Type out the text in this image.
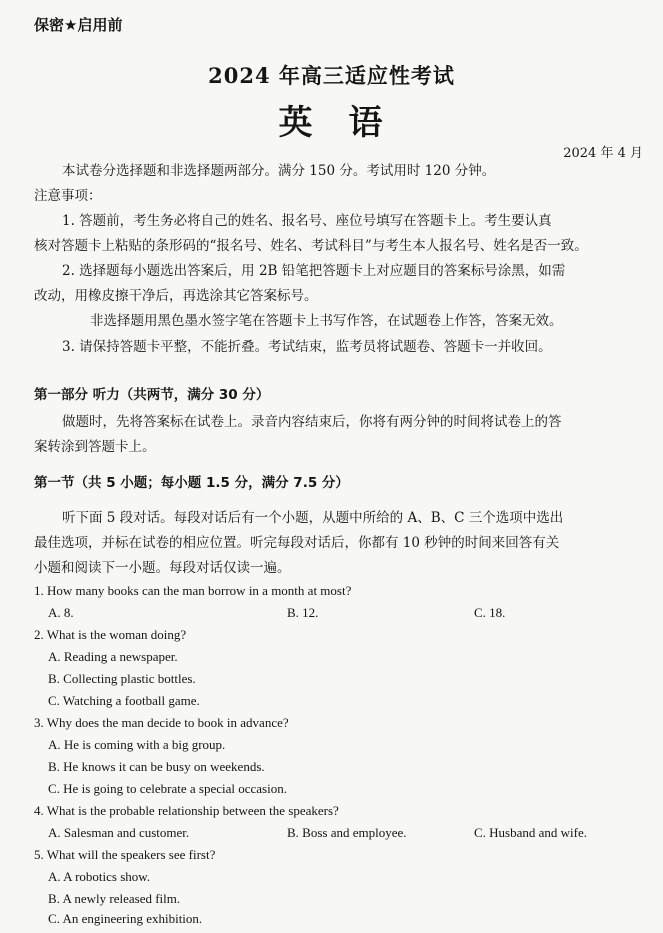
保密★启用前
2024 年高三适应性考试
英语
2024 年 4 月
本试卷分选择题和非选择题两部分。满分 150 分。考试用时 120 分钟。
注意事项：
1. 答题前，考生务必将自己的姓名、报名号、座位号填写在答题卡上。考生要认真
核对答题卡上粘贴的条形码的“报名号、姓名、考试科目”与考生本人报名号、姓名是否一致。
2. 选择题每小题选出答案后，用 2B 铅笔把答题卡上对应题目的答案标号涂黑，如需
改动，用橡皮擦干净后，再选涂其它答案标号。
非选择题用黑色墨水签字笔在答题卡上书写作答，在试题卷上作答，答案无效。
3. 请保持答题卡平整，不能折叠。考试结束，监考员将试题卷、答题卡一并收回。
第一部分 听力（共两节，满分 30 分）
做题时，先将答案标在试卷上。录音内容结束后，你将有两分钟的时间将试卷上的答
案转涂到答题卡上。
第一节（共 5 小题；每小题 1.5 分，满分 7.5 分）
听下面 5 段对话。每段对话后有一个小题，从题中所给的 A、B、C 三个选项中选出
最佳选项，并标在试卷的相应位置。听完每段对话后，你都有 10 秒钟的时间来回答有关
小题和阅读下一小题。每段对话仅读一遍。
1. How many books can the man borrow in a month at most?
A. 8.	B. 12.	C. 18.
2. What is the woman doing?
A. Reading a newspaper.
B. Collecting plastic bottles.
C. Watching a football game.
3. Why does the man decide to book in advance?
A. He is coming with a big group.
B. He knows it can be busy on weekends.
C. He is going to celebrate a special occasion.
4. What is the probable relationship between the speakers?
A. Salesman and customer.	B. Boss and employee.	C. Husband and wife.
5. What will the speakers see first?
A. A robotics show.
B. A newly released film.
C. An engineering exhibition.
